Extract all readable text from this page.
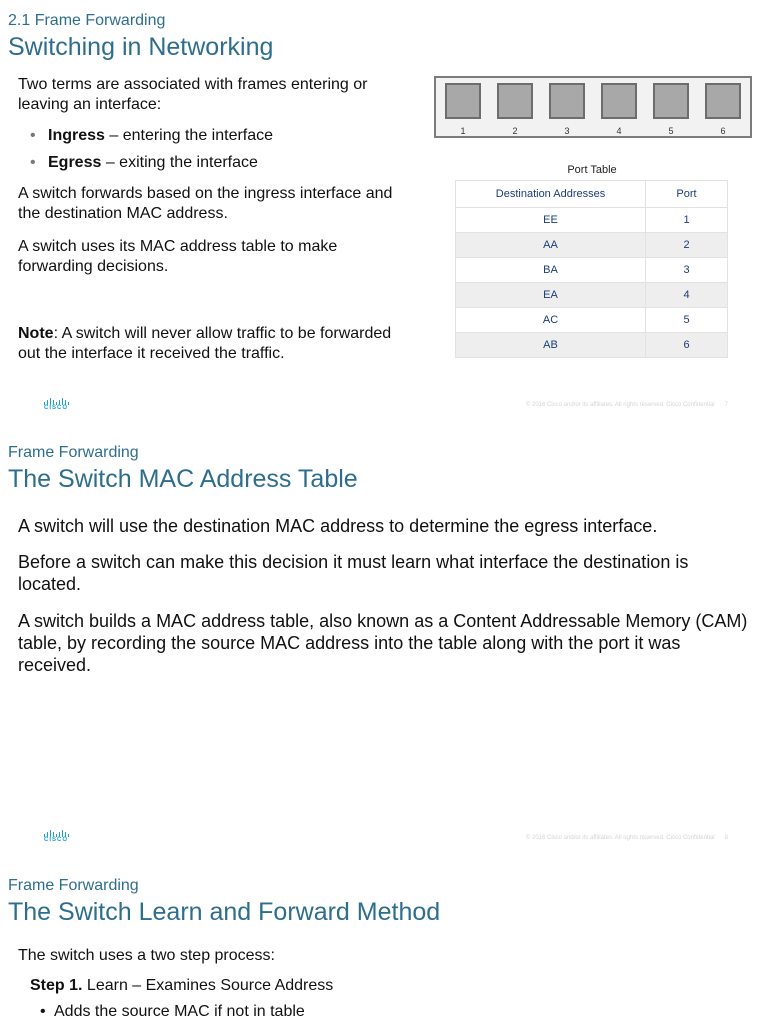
2.1 Frame Forwarding
Switching in Networking

Two terms are associated with frames entering or leaving an interface:

• Ingress – entering the interface
• Egress – exiting the interface

A switch forwards based on the ingress interface and the destination MAC address.

A switch uses its MAC address table to make forwarding decisions.

Note: A switch will never allow traffic to be forwarded out the interface it received the traffic.

1	2	3	4	5	6
Port Table
Destination Addresses	Port
EE	1
AA	2
BA	3
EA	4
AC	5
AB	6
CISCO	© 2016 Cisco and/or its affiliates. All rights reserved. Cisco Confidential 7
Frame Forwarding
The Switch MAC Address Table

A switch will use the destination MAC address to determine the egress interface.

Before a switch can make this decision it must learn what interface the destination is located.

A switch builds a MAC address table, also known as a Content Addressable Memory (CAM) table, by recording the source MAC address into the table along with the port it was received.

CISCO	© 2016 Cisco and/or its affiliates. All rights reserved. Cisco Confidential 8
Frame Forwarding
The Switch Learn and Forward Method

The switch uses a two step process:

Step 1. Learn – Examines Source Address

• Adds the source MAC if not in table
